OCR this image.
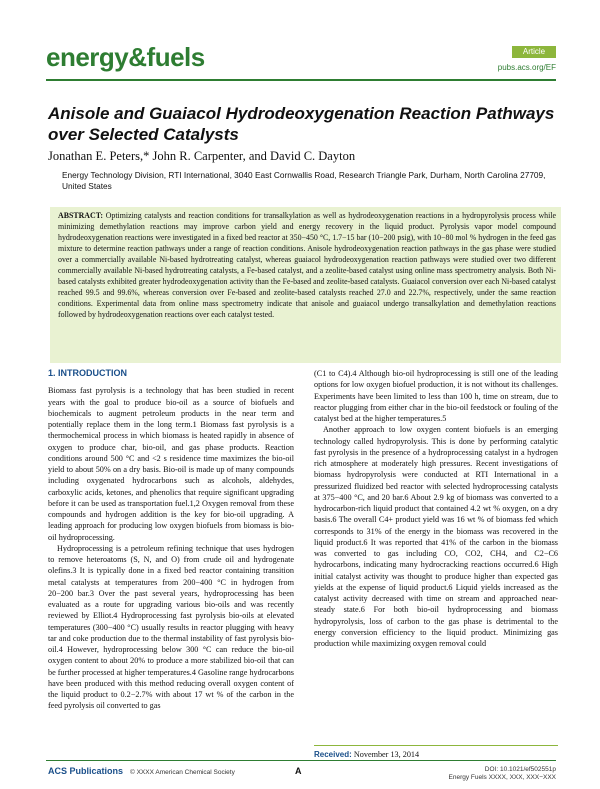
energy&fuels	Article
pubs.acs.org/EF
Anisole and Guaiacol Hydrodeoxygenation Reaction Pathways over Selected Catalysts
Jonathan E. Peters,* John R. Carpenter, and David C. Dayton
Energy Technology Division, RTI International, 3040 East Cornwallis Road, Research Triangle Park, Durham, North Carolina 27709, United States
ABSTRACT: Optimizing catalysts and reaction conditions for transalkylation as well as hydrodeoxygenation reactions in a hydropyrolysis process while minimizing demethylation reactions may improve carbon yield and energy recovery in the liquid product. Pyrolysis vapor model compound hydrodeoxygenation reactions were investigated in a fixed bed reactor at 350−450 °C, 1.7−15 bar (10−200 psig), with 10−80 mol % hydrogen in the feed gas mixture to determine reaction pathways under a range of reaction conditions. Anisole hydrodeoxygenation reaction pathways in the gas phase were studied over a commercially available Ni-based hydrotreating catalyst, whereas guaiacol hydrodeoxygenation reaction pathways were studied over two different commercially available Ni-based hydrotreating catalysts, a Fe-based catalyst, and a zeolite-based catalyst using online mass spectrometry analysis. Both Ni-based catalysts exhibited greater hydrodeoxygenation activity than the Fe-based and zeolite-based catalysts. Guaiacol conversion over each Ni-based catalyst reached 99.5 and 99.6%, whereas conversion over Fe-based and zeolite-based catalysts reached 27.0 and 22.7%, respectively, under the same reaction conditions. Experimental data from online mass spectrometry indicate that anisole and guaiacol undergo transalkylation and demethylation reactions followed by hydrodeoxygenation reactions over each catalyst tested.
1. INTRODUCTION

Biomass fast pyrolysis is a technology that has been studied in recent years with the goal to produce bio-oil as a source of biofuels and biochemicals to augment petroleum products in the near term and potentially replace them in the long term.1 Biomass fast pyrolysis is a thermochemical process in which biomass is heated rapidly in absence of oxygen to produce char, bio-oil, and gas phase products. Reaction conditions around 500 °C and <2 s residence time maximizes the bio-oil yield to about 50% on a dry basis. Bio-oil is made up of many compounds including oxygenated hydrocarbons such as alcohols, aldehydes, carboxylic acids, ketones, and phenolics that require significant upgrading before it can be used as transportation fuel.1,2 Oxygen removal from these compounds and hydrogen addition is the key for bio-oil upgrading. A leading approach for producing low oxygen biofuels from biomass is bio-oil hydroprocessing.

Hydroprocessing is a petroleum refining technique that uses hydrogen to remove heteroatoms (S, N, and O) from crude oil and hydrogenate olefins.3 It is typically done in a fixed bed reactor containing transition metal catalysts at temperatures from 200−400 °C in hydrogen from 20−200 bar.3 Over the past several years, hydroprocessing has been evaluated as a route for upgrading various bio-oils and was recently reviewed by Elliot.4 Hydroprocessing fast pyrolysis bio-oils at elevated temperatures (300−400 °C) usually results in reactor plugging with heavy tar and coke production due to the thermal instability of fast pyrolysis bio-oil.4 However, hydroprocessing below 300 °C can reduce the bio-oil oxygen content to about 20% to produce a more stabilized bio-oil that can be further processed at higher temperatures.4 Gasoline range hydrocarbons have been produced with this method reducing overall oxygen content of the liquid product to 0.2−2.7% with about 17 wt % of the carbon in the feed pyrolysis oil converted to gas

(C1 to C4).4 Although bio-oil hydroprocessing is still one of the leading options for low oxygen biofuel production, it is not without its challenges. Experiments have been limited to less than 100 h, time on stream, due to reactor plugging from either char in the bio-oil feedstock or fouling of the catalyst bed at the higher temperatures.5

Another approach to low oxygen content biofuels is an emerging technology called hydropyrolysis. This is done by performing catalytic fast pyrolysis in the presence of a hydroprocessing catalyst in a hydrogen rich atmosphere at moderately high pressures. Recent investigations of biomass hydropyrolysis were conducted at RTI International in a pressurized fluidized bed reactor with selected hydroprocessing catalysts at 375−400 °C, and 20 bar.6 About 2.9 kg of biomass was converted to a hydrocarbon-rich liquid product that contained 4.2 wt % oxygen, on a dry basis.6 The overall C4+ product yield was 16 wt % of biomass fed which corresponds to 31% of the energy in the biomass was recovered in the liquid product.6 It was reported that 41% of the carbon in the biomass was converted to gas including CO, CO2, CH4, and C2−C6 hydrocarbons, indicating many hydrocracking reactions occurred.6 High initial catalyst activity was thought to produce higher than expected gas yields at the expense of liquid product.6 Liquid yields increased as the catalyst activity decreased with time on stream and approached near-steady state.6 For both bio-oil hydroprocessing and biomass hydropyrolysis, loss of carbon to the gas phase is detrimental to the energy conversion efficiency to the liquid product. Minimizing gas production while maximizing oxygen removal could

Received: November 13, 2014
ACS Publications © XXXX American Chemical Society	A	DOI: 10.1021/ef502551p
Energy Fuels XXXX, XXX, XXX−XXX
